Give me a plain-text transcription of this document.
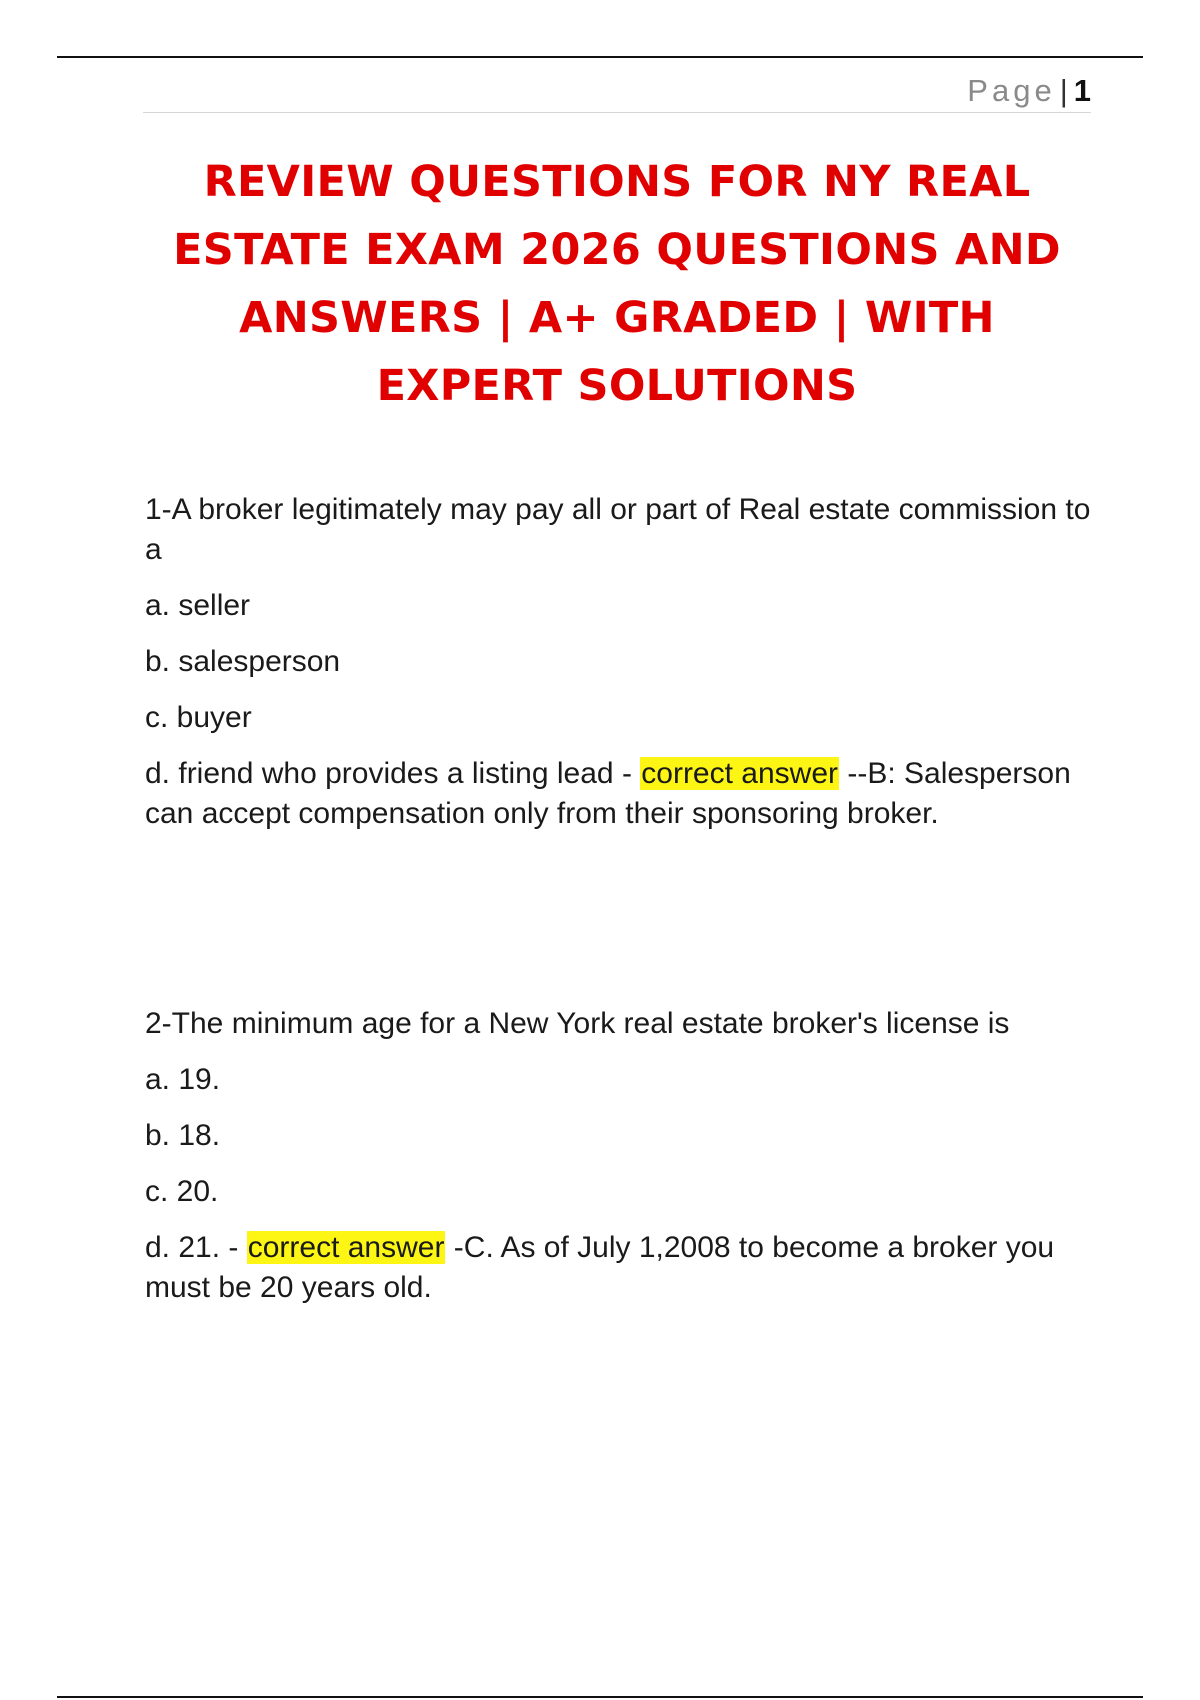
Page | 1
REVIEW QUESTIONS FOR NY REAL ESTATE EXAM 2026 QUESTIONS AND ANSWERS | A+ GRADED | WITH EXPERT SOLUTIONS

1-A broker legitimately may pay all or part of Real estate commission to a

a. seller

b. salesperson

c. buyer

d. friend who provides a listing lead - correct answer --B: Salesperson can accept compensation only from their sponsoring broker.

2-The minimum age for a New York real estate broker's license is

a. 19.

b. 18.

c. 20.

d. 21. - correct answer -C. As of July 1,2008 to become a broker you must be 20 years old.
